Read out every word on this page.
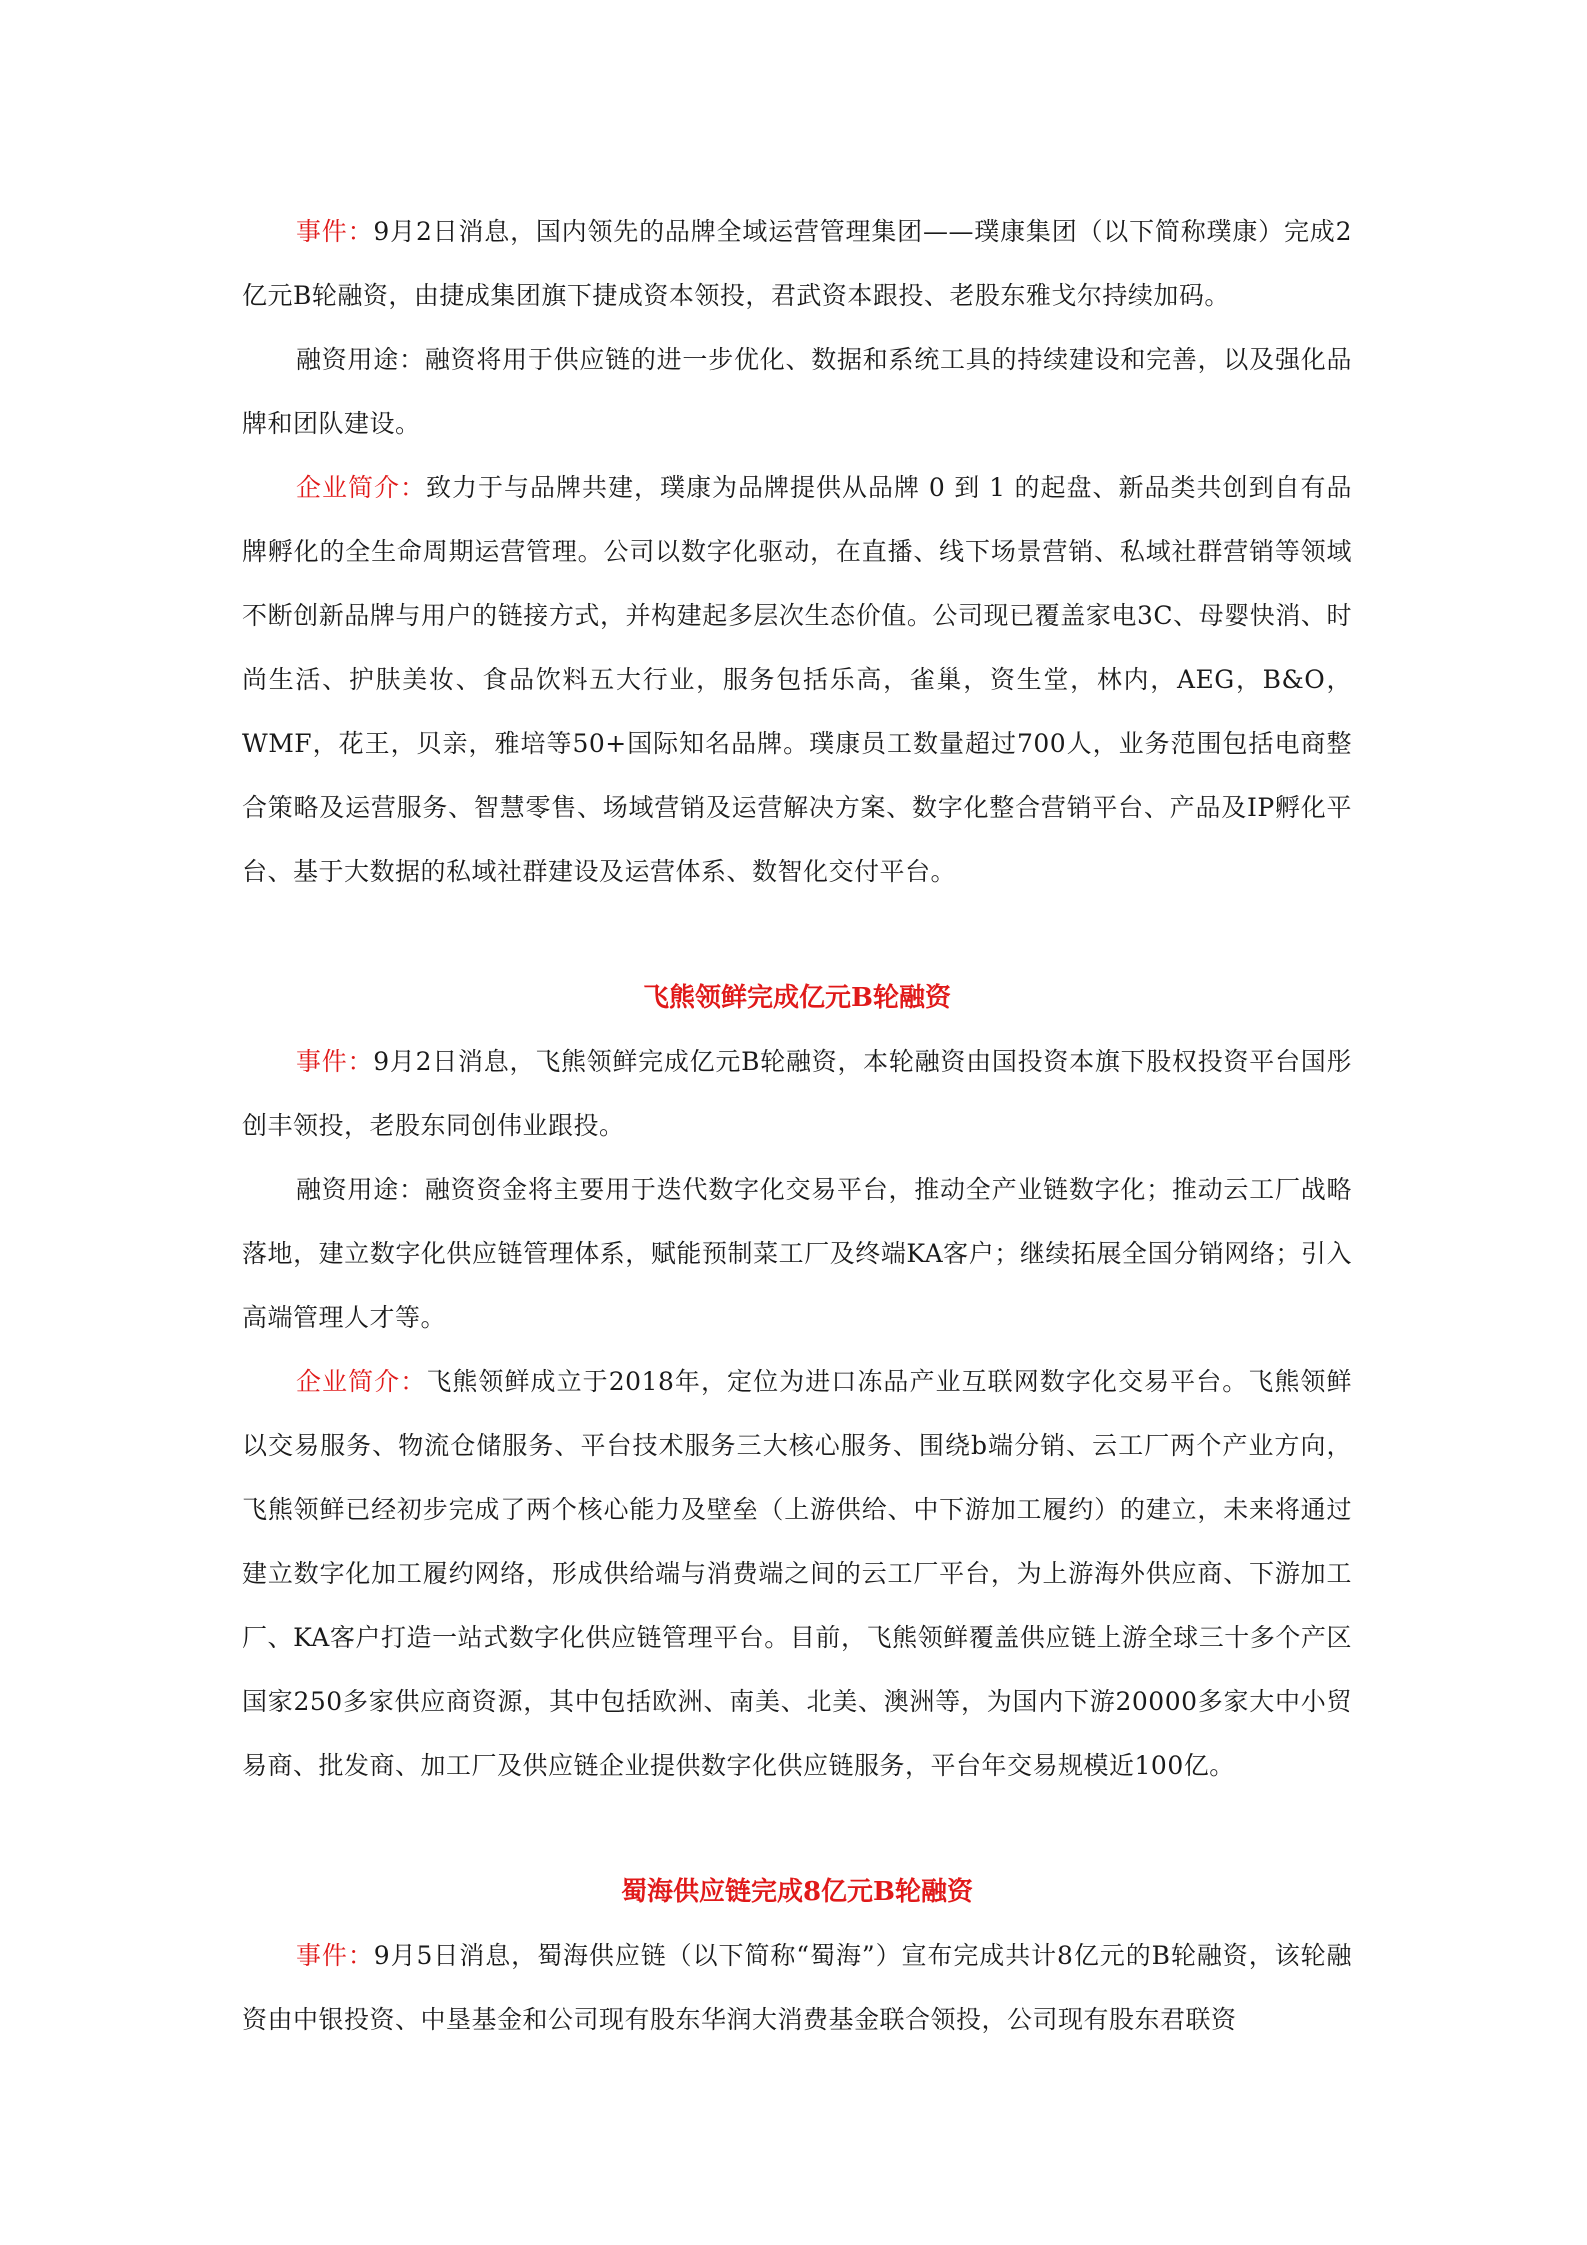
事件：9月2日消息，国内领先的品牌全域运营管理集团——璞康集团（以下简称璞康）完成2亿元B轮融资，由捷成集团旗下捷成资本领投，君武资本跟投、老股东雅戈尔持续加码。

融资用途：融资将用于供应链的进一步优化、数据和系统工具的持续建设和完善，以及强化品牌和团队建设。

企业简介：致力于与品牌共建，璞康为品牌提供从品牌 0 到 1 的起盘、新品类共创到自有品牌孵化的全生命周期运营管理。公司以数字化驱动，在直播、线下场景营销、私域社群营销等领域不断创新品牌与用户的链接方式，并构建起多层次生态价值。公司现已覆盖家电3C、母婴快消、时尚生活、护肤美妆、食品饮料五大行业，服务包括乐高，雀巢，资生堂，林内，AEG，B&O，WMF，花王，贝亲，雅培等50+国际知名品牌。璞康员工数量超过700人，业务范围包括电商整合策略及运营服务、智慧零售、场域营销及运营解决方案、数字化整合营销平台、产品及IP孵化平台、基于大数据的私域社群建设及运营体系、数智化交付平台。

飞熊领鲜完成亿元B轮融资

事件：9月2日消息，飞熊领鲜完成亿元B轮融资，本轮融资由国投资本旗下股权投资平台国彤创丰领投，老股东同创伟业跟投。

融资用途：融资资金将主要用于迭代数字化交易平台，推动全产业链数字化；推动云工厂战略落地，建立数字化供应链管理体系，赋能预制菜工厂及终端KA客户；继续拓展全国分销网络；引入高端管理人才等。

企业简介：飞熊领鲜成立于2018年，定位为进口冻品产业互联网数字化交易平台。飞熊领鲜以交易服务、物流仓储服务、平台技术服务三大核心服务、围绕b端分销、云工厂两个产业方向，飞熊领鲜已经初步完成了两个核心能力及壁垒（上游供给、中下游加工履约）的建立，未来将通过建立数字化加工履约网络，形成供给端与消费端之间的云工厂平台，为上游海外供应商、下游加工厂、KA客户打造一站式数字化供应链管理平台。目前，飞熊领鲜覆盖供应链上游全球三十多个产区国家250多家供应商资源，其中包括欧洲、南美、北美、澳洲等，为国内下游20000多家大中小贸易商、批发商、加工厂及供应链企业提供数字化供应链服务，平台年交易规模近100亿。

蜀海供应链完成8亿元B轮融资

事件：9月5日消息，蜀海供应链（以下简称“蜀海”）宣布完成共计8亿元的B轮融资，该轮融资由中银投资、中垦基金和公司现有股东华润大消费基金联合领投，公司现有股东君联资
